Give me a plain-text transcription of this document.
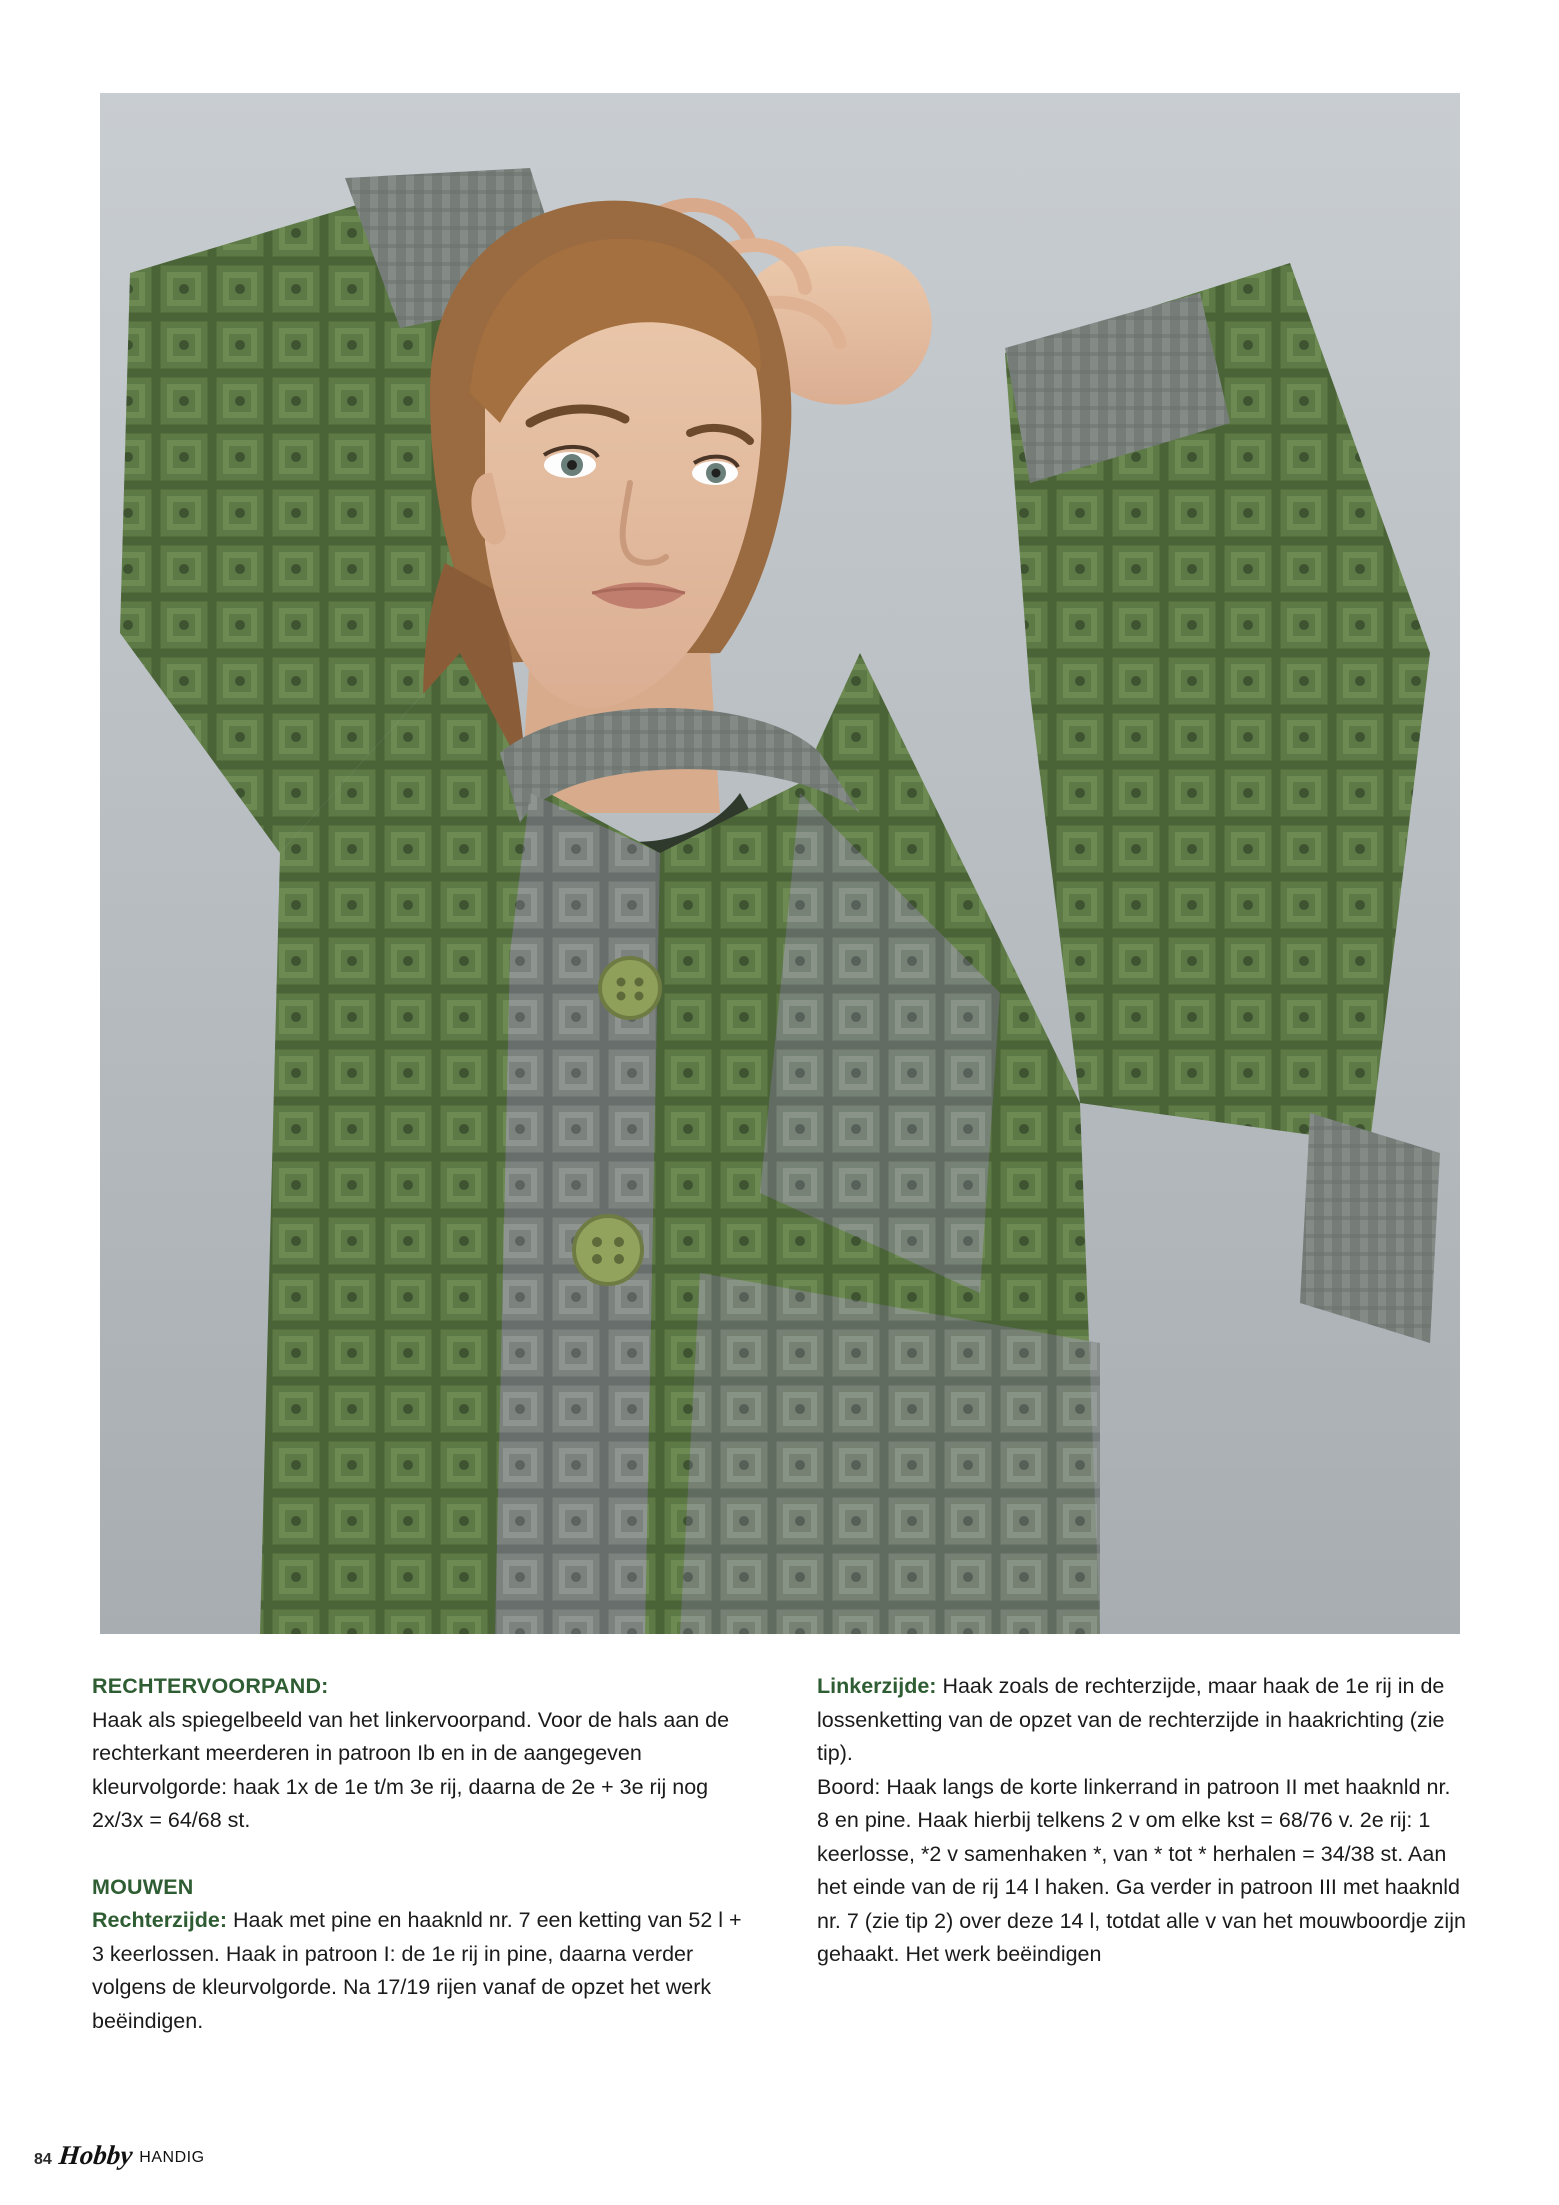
RECHTERVOORPAND:

Haak als spiegelbeeld van het linkervoorpand. Voor de hals aan de rechterkant meerderen in patroon Ib en in de aangegeven kleurvolgorde: haak 1x de 1e t/m 3e rij, daarna de 2e + 3e rij nog 2x/3x = 64/68 st.

MOUWEN

Rechterzijde: Haak met pine en haaknld nr. 7 een ketting van 52 l + 3 keerlossen. Haak in patroon I: de 1e rij in pine, daarna verder volgens de kleurvolgorde. Na 17/19 rijen vanaf de opzet het werk beëindigen.

Linkerzijde: Haak zoals de rechterzijde, maar haak de 1e rij in de lossenketting van de opzet van de rechterzijde in haakrichting (zie tip).

Boord: Haak langs de korte linkerrand in patroon II met haaknld nr. 8 en pine. Haak hierbij telkens 2 v om elke kst = 68/76 v. 2e rij: 1 keerlosse, *2 v samenhaken *, van * tot * herhalen = 34/38 st. Aan het einde van de rij 14 l haken. Ga verder in patroon III met haaknld nr. 7 (zie tip 2) over deze 14 l, totdat alle v van het mouwboordje zijn gehaakt. Het werk beëindigen

84 Hobby HANDIG
